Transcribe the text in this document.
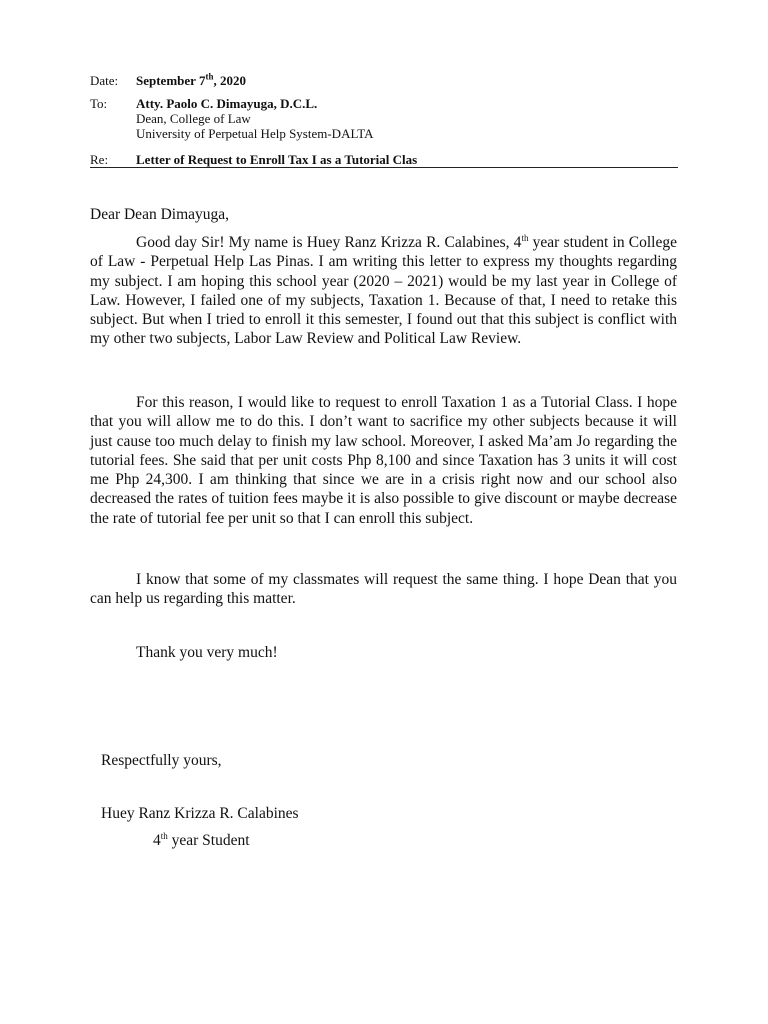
Date: September 7th, 2020
To: Atty. Paolo C. Dimayuga, D.C.L.
Dean, College of Law
University of Perpetual Help System-DALTA
Re: Letter of Request to Enroll Tax I as a Tutorial Clas
Dear Dean Dimayuga,

Good day Sir! My name is Huey Ranz Krizza R. Calabines, 4th year student in College of Law - Perpetual Help Las Pinas. I am writing this letter to express my thoughts regarding my subject. I am hoping this school year (2020 – 2021) would be my last year in College of Law. However, I failed one of my subjects, Taxation 1. Because of that, I need to retake this subject. But when I tried to enroll it this semester, I found out that this subject is conflict with my other two subjects, Labor Law Review and Political Law Review.

For this reason, I would like to request to enroll Taxation 1 as a Tutorial Class. I hope that you will allow me to do this. I don’t want to sacrifice my other subjects because it will just cause too much delay to finish my law school. Moreover, I asked Ma’am Jo regarding the tutorial fees. She said that per unit costs Php 8,100 and since Taxation has 3 units it will cost me Php 24,300. I am thinking that since we are in a crisis right now and our school also decreased the rates of tuition fees maybe it is also possible to give discount or maybe decrease the rate of tutorial fee per unit so that I can enroll this subject.

I know that some of my classmates will request the same thing. I hope Dean that you can help us regarding this matter.

Thank you very much!
Respectfully yours,
Huey Ranz Krizza R. Calabines
4th year Student
